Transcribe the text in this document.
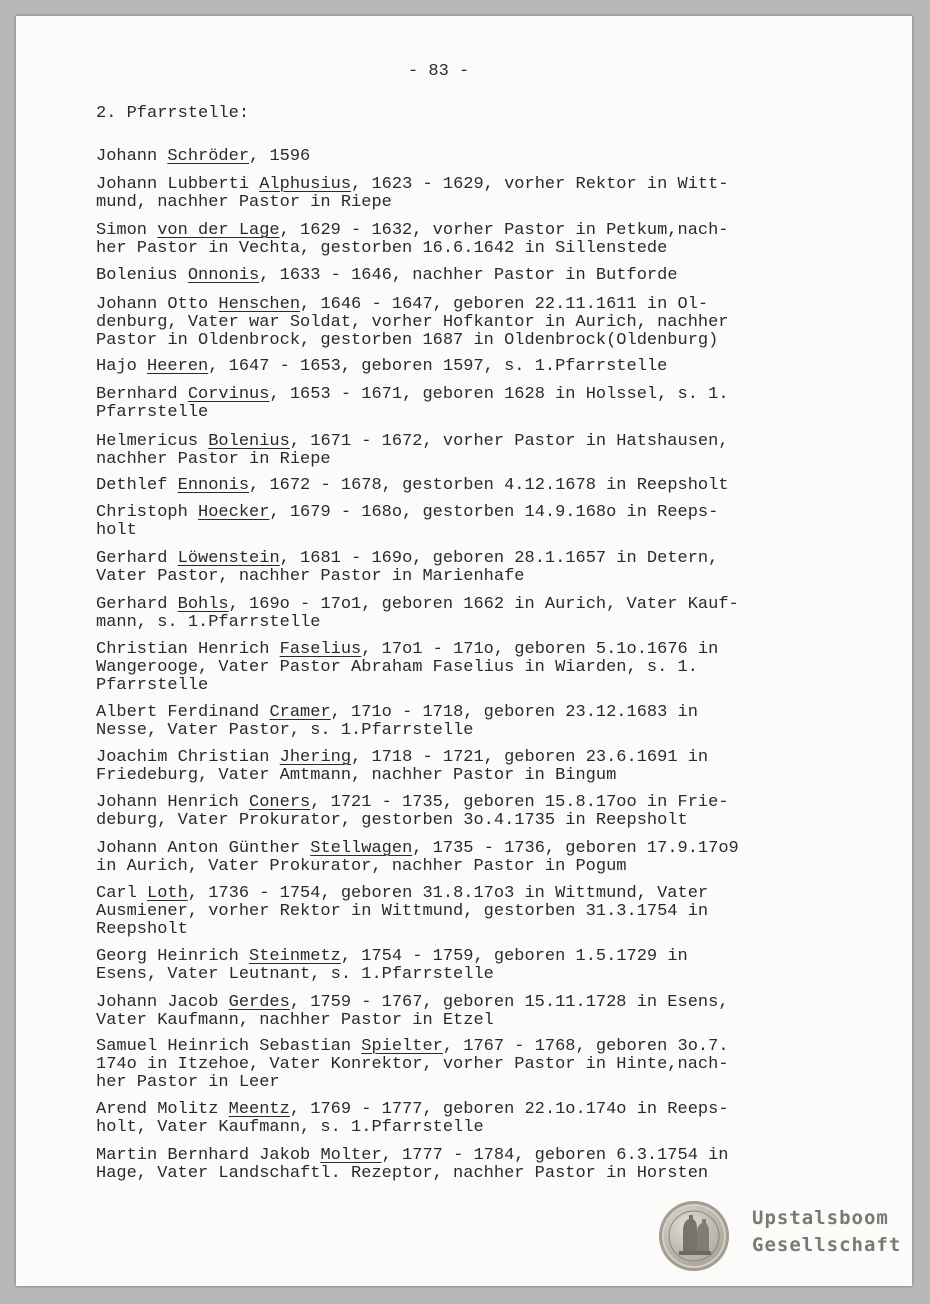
- 83 -
2. Pfarrstelle:
Johann Schröder, 1596
Johann Lubberti Alphusius, 1623 - 1629, vorher Rektor in Witt-
mund, nachher Pastor in Riepe
Simon von der Lage, 1629 - 1632, vorher Pastor in Petkum,nach-
her Pastor in Vechta, gestorben 16.6.1642 in Sillenstede
Bolenius Onnonis, 1633 - 1646, nachher Pastor in Butforde
Johann Otto Henschen, 1646 - 1647, geboren 22.11.1611 in Ol-
denburg, Vater war Soldat, vorher Hofkantor in Aurich, nachher
Pastor in Oldenbrock, gestorben 1687 in Oldenbrock(Oldenburg)
Hajo Heeren, 1647 - 1653, geboren 1597, s. 1.Pfarrstelle
Bernhard Corvinus, 1653 - 1671, geboren 1628 in Holssel, s. 1.
Pfarrstelle
Helmericus Bolenius, 1671 - 1672, vorher Pastor in Hatshausen,
nachher Pastor in Riepe
Dethlef Ennonis, 1672 - 1678, gestorben 4.12.1678 in Reepsholt
Christoph Hoecker, 1679 - 168o, gestorben 14.9.168o in Reeps-
holt
Gerhard Löwenstein, 1681 - 169o, geboren 28.1.1657 in Detern,
Vater Pastor, nachher Pastor in Marienhafe
Gerhard Bohls, 169o - 17o1, geboren 1662 in Aurich, Vater Kauf-
mann, s. 1.Pfarrstelle
Christian Henrich Faselius, 17o1 - 171o, geboren 5.1o.1676 in
Wangerooge, Vater Pastor Abraham Faselius in Wiarden, s. 1.
Pfarrstelle
Albert Ferdinand Cramer, 171o - 1718, geboren 23.12.1683 in
Nesse, Vater Pastor, s. 1.Pfarrstelle
Joachim Christian Jhering, 1718 - 1721, geboren 23.6.1691 in
Friedeburg, Vater Amtmann, nachher Pastor in Bingum
Johann Henrich Coners, 1721 - 1735, geboren 15.8.17oo in Frie-
deburg, Vater Prokurator, gestorben 3o.4.1735 in Reepsholt
Johann Anton Günther Stellwagen, 1735 - 1736, geboren 17.9.17o9
in Aurich, Vater Prokurator, nachher Pastor in Pogum
Carl Loth, 1736 - 1754, geboren 31.8.17o3 in Wittmund, Vater
Ausmiener, vorher Rektor in Wittmund, gestorben 31.3.1754 in
Reepsholt
Georg Heinrich Steinmetz, 1754 - 1759, geboren 1.5.1729 in
Esens, Vater Leutnant, s. 1.Pfarrstelle
Johann Jacob Gerdes, 1759 - 1767, geboren 15.11.1728 in Esens,
Vater Kaufmann, nachher Pastor in Etzel
Samuel Heinrich Sebastian Spielter, 1767 - 1768, geboren 3o.7.
174o in Itzehoe, Vater Konrektor, vorher Pastor in Hinte,nach-
her Pastor in Leer
Arend Molitz Meentz, 1769 - 1777, geboren 22.1o.174o in Reeps-
holt, Vater Kaufmann, s. 1.Pfarrstelle
Martin Bernhard Jakob Molter, 1777 - 1784, geboren 6.3.1754 in
Hage, Vater Landschaftl. Rezeptor, nachher Pastor in Horsten
Upstalsboom
Gesellschaft
